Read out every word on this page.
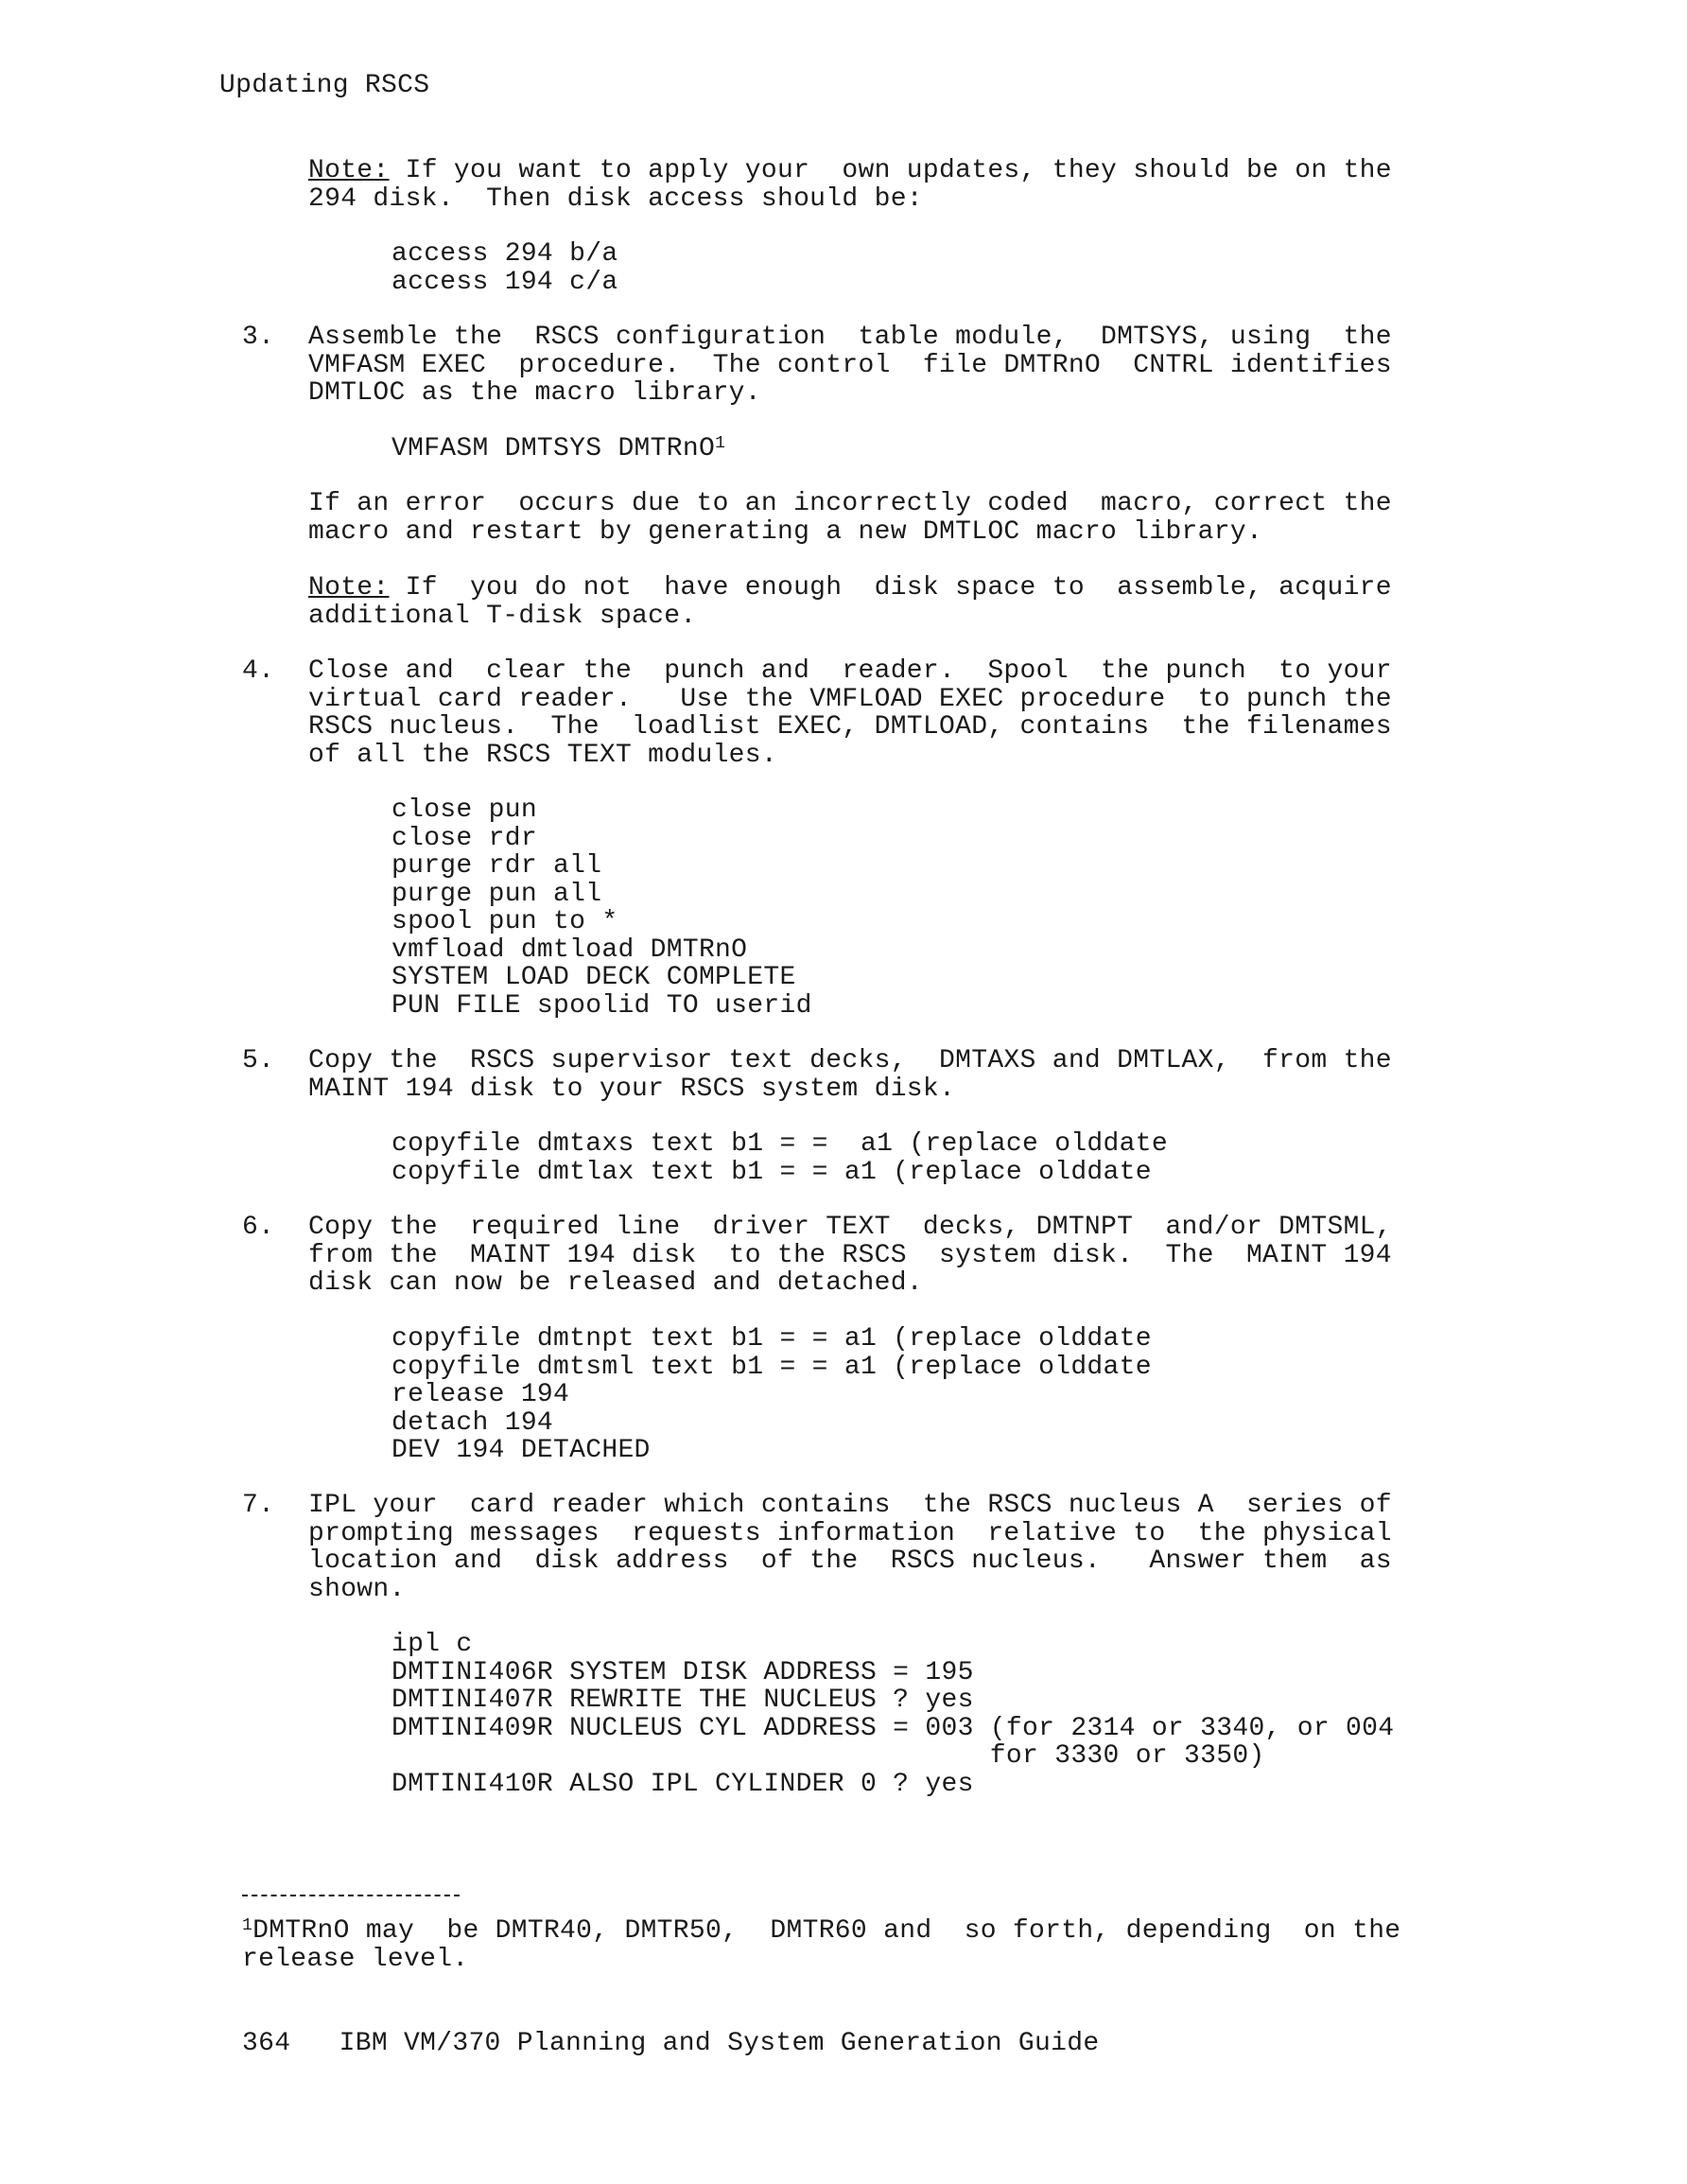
Updating RSCS
Note: If you want to apply your  own updates, they should be on the
294 disk.  Then disk access should be:
access 294 b/a
access 194 c/a
3. Assemble the  RSCS configuration  table module,  DMTSYS, using  the
VMFASM EXEC  procedure.  The control  file DMTRnO  CNTRL identifies
DMTLOC as the macro library.
VMFASM DMTSYS DMTRnO$^1$
If an error  occurs due to an incorrectly coded  macro, correct the
macro and restart by generating a new DMTLOC macro library.
Note: If  you do not  have enough  disk space to  assemble, acquire
additional T-disk space.
4. Close and  clear the  punch and  reader.  Spool  the punch  to your
virtual card reader.   Use the VMFLOAD EXEC procedure  to punch the
RSCS nucleus.  The  loadlist EXEC, DMTLOAD, contains  the filenames
of all the RSCS TEXT modules.
close pun
close rdr
purge rdr all
purge pun all
spool pun to *
vmfload dmtload DMTRnO
SYSTEM LOAD DECK COMPLETE
PUN FILE spoolid TO userid
5. Copy the  RSCS supervisor text decks,  DMTAXS and DMTLAX,  from the
MAINT 194 disk to your RSCS system disk.
copyfile dmtaxs text b1 = =  a1 (replace olddate
copyfile dmtlax text b1 = = a1 (replace olddate
6. Copy the  required line  driver TEXT  decks, DMTNPT  and/or DMTSML,
from the  MAINT 194 disk  to the RSCS  system disk.  The  MAINT 194
disk can now be released and detached.
copyfile dmtnpt text b1 = = a1 (replace olddate
copyfile dmtsml text b1 = = a1 (replace olddate
release 194
detach 194
DEV 194 DETACHED
7. IPL your  card reader which contains  the RSCS nucleus A  series of
prompting messages  requests information  relative to  the physical
location and  disk address  of the  RSCS nucleus.   Answer them  as
shown.
ipl c
DMTINI406R SYSTEM DISK ADDRESS = 195
DMTINI407R REWRITE THE NUCLEUS ? yes
DMTINI409R NUCLEUS CYL ADDRESS = 003 (for 2314 or 3340, or 004
for 3330 or 3350)
DMTINI410R ALSO IPL CYLINDER 0 ? yes
$^1$DMTRnO may  be DMTR40, DMTR50,  DMTR60 and  so forth, depending  on the
release level.
364   IBM VM/370 Planning and System Generation Guide
